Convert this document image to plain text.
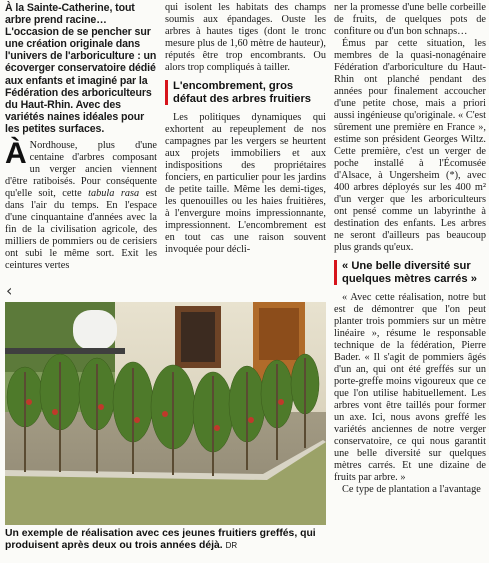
À la Sainte-Catherine, tout arbre prend racine… L'occasion de se pencher sur une création originale dans l'univers de l'arboriculture : un écoverger conservatoire dédié aux enfants et imaginé par la Fédération des arboriculteurs du Haut-Rhin. Avec des variétés naines idéales pour les petites surfaces.

À Nordhouse, plus d'une centaine d'arbres composant un verger ancien viennent d'être ratiboisés. Pour conséquente qu'elle soit, cette tabula rasa est dans l'air du temps. En l'espace d'une cinquantaine d'années avec la fin de la civilisation agricole, des milliers de pommiers ou de cerisiers ont subi le même sort. Exit les ceintures vertes

qui isolent les habitats des champs soumis aux épandages. Ouste les arbres à hautes tiges (dont le tronc mesure plus de 1,60 mètre de hauteur), réputés être trop encombrants. Ou alors trop compliqués à tailler.

L'encombrement, gros défaut des arbres fruitiers

Les politiques dynamiques qui exhortent au repeuplement de nos campagnes par les vergers se heurtent aux projets immobiliers et aux indispositions des propriétaires fonciers, en particulier pour les jardins de petite taille. Même les demi-tiges, les quenouilles ou les haies fruitières, à l'envergure moins impressionnante, impressionnent. L'encombrement est en tout cas une raison souvent invoquée pour décli-

ner la promesse d'une belle corbeille de fruits, de quelques pots de confiture ou d'un bon schnaps…

Émus par cette situation, les membres de la quasi-nonagénaire Fédération d'arboriculture du Haut-Rhin ont planché pendant des années pour finalement accoucher d'une petite chose, mais a priori aussi ingénieuse qu'originale. « C'est sûrement une première en France », estime son président Georges Wiltz. Cette première, c'est un verger de poche installé à l'Écomusée d'Alsace, à Ungersheim (*), avec 400 arbres déployés sur les 400 m² d'un verger que les arboriculteurs ont pensé comme un labyrinthe à destination des enfants. Les arbres ne seront d'ailleurs pas beaucoup plus grands qu'eux.

« Une belle diversité sur quelques mètres carrés »

« Avec cette réalisation, notre but est de démontrer que l'on peut planter trois pommiers sur un mètre linéaire », résume le responsable technique de la fédération, Pierre Bader. « Il s'agit de pommiers âgés d'un an, qui ont été greffés sur un porte-greffe moins vigoureux que ce que l'on utilise habituellement. Les arbres vont être taillés pour former un axe. Ici, nous avons greffé les variétés anciennes de notre verger conservatoire, ce qui nous garantit une belle diversité sur quelques mètres carrés. Et une dizaine de fruits par arbre. »

Ce type de plantation a l'avantage

‹
Un exemple de réalisation avec ces jeunes fruitiers greffés, qui produisent après deux ou trois années déjà. DR
